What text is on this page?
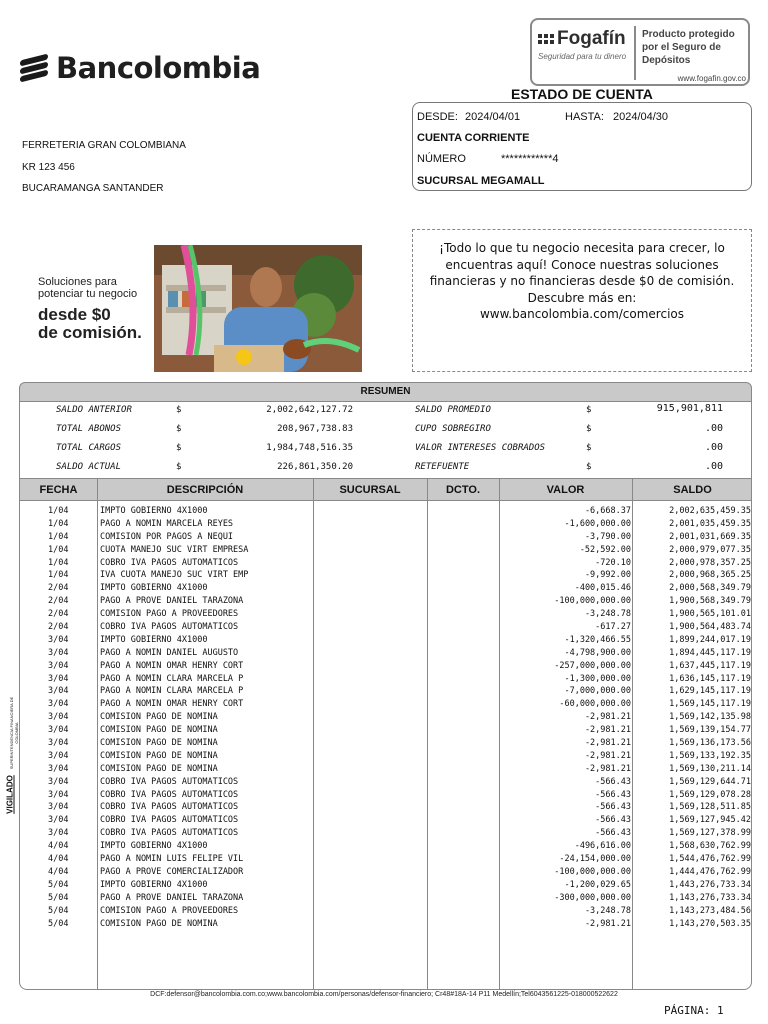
Bancolombia
Fogafín
Seguridad para tu dinero
Producto protegido por el Seguro de Depósitos
www.fogafin.gov.co
ESTADO DE CUENTA
DESDE: 2024/04/01	HASTA: 2024/04/30
CUENTA CORRIENTE
NÚMERO	************4
SUCURSAL MEGAMALL
FERRETERIA GRAN COLOMBIANA
KR 123 456
BUCARAMANGA SANTANDER
Soluciones para
potenciar tu negocio
desde $0
de comisión.
¡Todo lo que tu negocio necesita para crecer, lo encuentras aquí! Conoce nuestras soluciones financieras y no financieras desde $0 de comisión. Descubre más en: www.bancolombia.com/comercios
RESUMEN
SALDO ANTERIOR	$	2,002,642,127.72
TOTAL ABONOS	$	208,967,738.83
TOTAL CARGOS	$	1,984,748,516.35
SALDO ACTUAL	$	226,861,350.20
SALDO PROMEDIO	$	915,901,811
CUPO SOBREGIRO	$	.00
VALOR INTERESES COBRADOS	$	.00
RETEFUENTE	$	.00
FECHA	DESCRIPCIÓN	SUCURSAL	DCTO.	VALOR	SALDO
1/04	IMPTO GOBIERNO 4X1000	-6,668.37	2,002,635,459.35
1/04	PAGO A NOMIN MARCELA REYES	-1,600,000.00	2,001,035,459.35
1/04	COMISION POR PAGOS A NEQUI	-3,790.00	2,001,031,669.35
1/04	CUOTA MANEJO SUC VIRT EMPRESA	-52,592.00	2,000,979,077.35
1/04	COBRO IVA PAGOS AUTOMATICOS	-720.10	2,000,978,357.25
1/04	IVA CUOTA MANEJO SUC VIRT EMP	-9,992.00	2,000,968,365.25
2/04	IMPTO GOBIERNO 4X1000	-400,015.46	2,000,568,349.79
2/04	PAGO A PROVE DANIEL TARAZONA	-100,000,000.00	1,900,568,349.79
2/04	COMISION PAGO A PROVEEDORES	-3,248.78	1,900,565,101.01
2/04	COBRO IVA PAGOS AUTOMATICOS	-617.27	1,900,564,483.74
3/04	IMPTO GOBIERNO 4X1000	-1,320,466.55	1,899,244,017.19
3/04	PAGO A NOMIN DANIEL AUGUSTO	-4,798,900.00	1,894,445,117.19
3/04	PAGO A NOMIN OMAR HENRY CORT	-257,000,000.00	1,637,445,117.19
3/04	PAGO A NOMIN CLARA MARCELA P	-1,300,000.00	1,636,145,117.19
3/04	PAGO A NOMIN CLARA MARCELA P	-7,000,000.00	1,629,145,117.19
3/04	PAGO A NOMIN OMAR HENRY CORT	-60,000,000.00	1,569,145,117.19
3/04	COMISION PAGO DE NOMINA	-2,981.21	1,569,142,135.98
3/04	COMISION PAGO DE NOMINA	-2,981.21	1,569,139,154.77
3/04	COMISION PAGO DE NOMINA	-2,981.21	1,569,136,173.56
3/04	COMISION PAGO DE NOMINA	-2,981.21	1,569,133,192.35
3/04	COMISION PAGO DE NOMINA	-2,981.21	1,569,130,211.14
3/04	COBRO IVA PAGOS AUTOMATICOS	-566.43	1,569,129,644.71
3/04	COBRO IVA PAGOS AUTOMATICOS	-566.43	1,569,129,078.28
3/04	COBRO IVA PAGOS AUTOMATICOS	-566.43	1,569,128,511.85
3/04	COBRO IVA PAGOS AUTOMATICOS	-566.43	1,569,127,945.42
3/04	COBRO IVA PAGOS AUTOMATICOS	-566.43	1,569,127,378.99
4/04	IMPTO GOBIERNO 4X1000	-496,616.00	1,568,630,762.99
4/04	PAGO A NOMIN LUIS FELIPE VIL	-24,154,000.00	1,544,476,762.99
4/04	PAGO A PROVE COMERCIALIZADOR	-100,000,000.00	1,444,476,762.99
5/04	IMPTO GOBIERNO 4X1000	-1,200,029.65	1,443,276,733.34
5/04	PAGO A PROVE DANIEL TARAZONA	-300,000,000.00	1,143,276,733.34
5/04	COMISION PAGO A PROVEEDORES	-3,248.78	1,143,273,484.56
5/04	COMISION PAGO DE NOMINA	-2,981.21	1,143,270,503.35
SUPERINTENDENCIA FINANCIERA DE COLOMBIA
VIGILADO
DCF:defensor@bancolombia.com.co;www.bancolombia.com/personas/defensor-financiero; Cr48#18A-14 P11 Medellín;Tel6043561225-018000522622
PÁGINA: 1
